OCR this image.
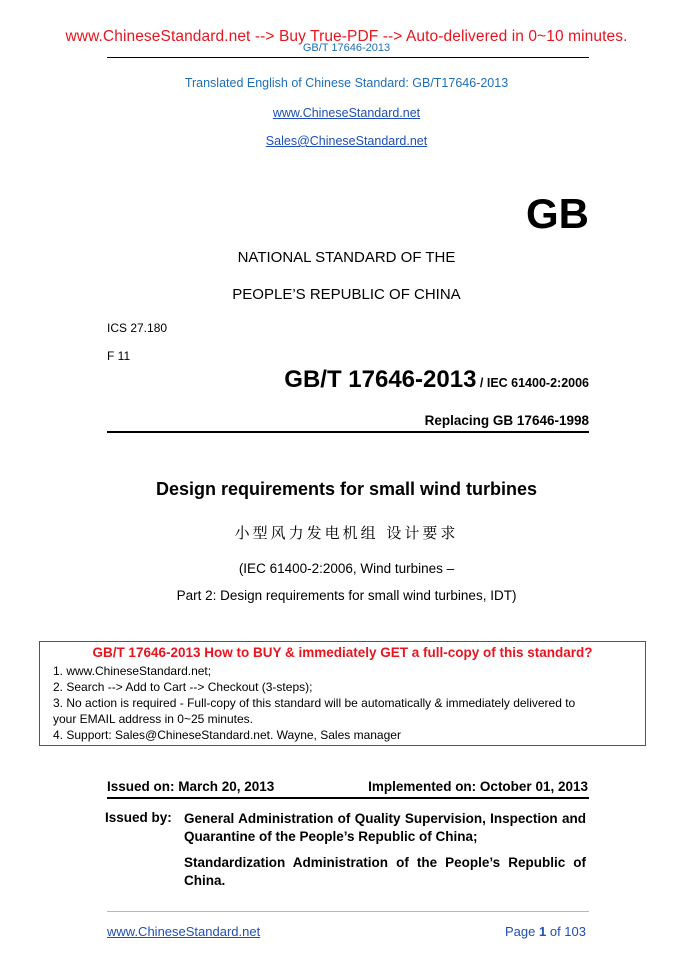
www.ChineseStandard.net --> Buy True-PDF --> Auto-delivered in 0~10 minutes.
GB/T 17646-2013
Translated English of Chinese Standard: GB/T17646-2013
www.ChineseStandard.net
Sales@ChineseStandard.net
GB
NATIONAL STANDARD OF THE
PEOPLE’S REPUBLIC OF CHINA
ICS 27.180
F 11
GB/T 17646-2013 / IEC 61400-2:2006
Replacing GB 17646-1998
Design requirements for small wind turbines
小型风力发电机组 设计要求
(IEC 61400-2:2006, Wind turbines –
Part 2: Design requirements for small wind turbines, IDT)
GB/T 17646-2013 How to BUY & immediately GET a full-copy of this standard?
1. www.ChineseStandard.net;
2. Search --> Add to Cart --> Checkout (3-steps);
3. No action is required - Full-copy of this standard will be automatically & immediately delivered to
your EMAIL address in 0~25 minutes.
4. Support: Sales@ChineseStandard.net. Wayne, Sales manager
Issued on: March 20, 2013	Implemented on: October 01, 2013
Issued by: General Administration of Quality Supervision, Inspection and Quarantine of the People’s Republic of China;
Standardization Administration of the People’s Republic of China.
www.ChineseStandard.net	Page 1 of 103
